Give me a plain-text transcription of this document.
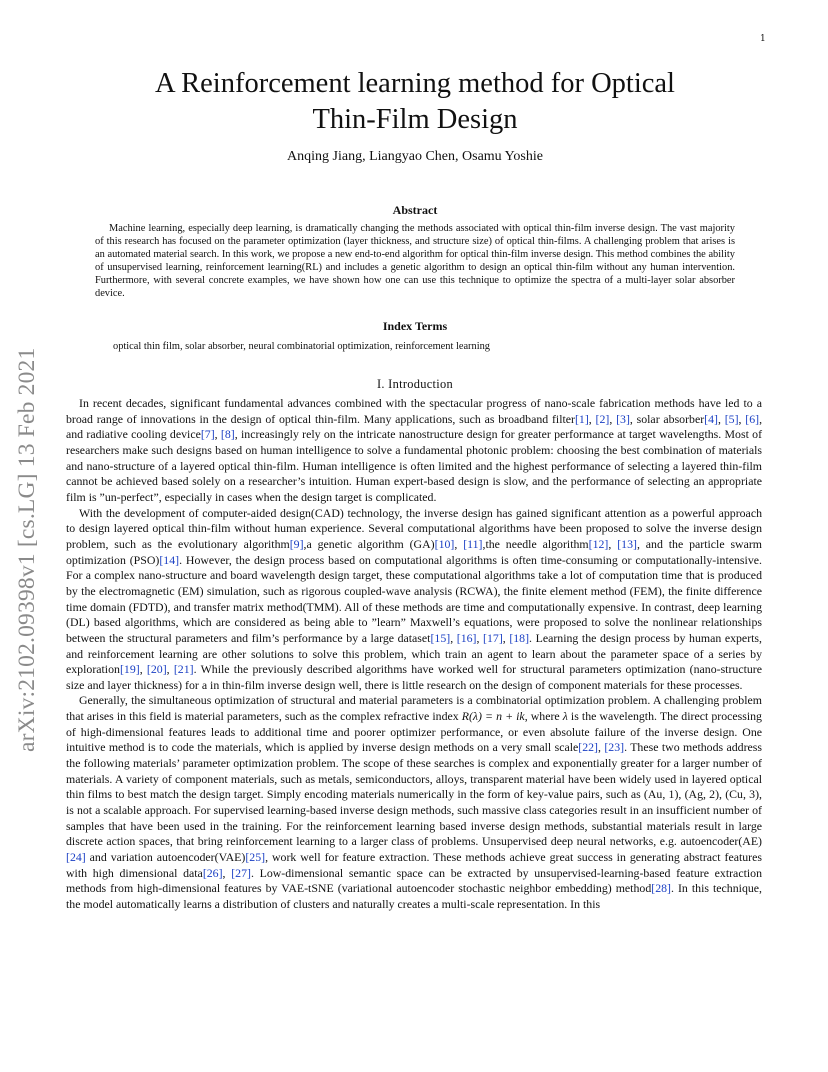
1
arXiv:2102.09398v1 [cs.LG] 13 Feb 2021
A Reinforcement learning method for Optical
Thin-Film Design
Anqing Jiang, Liangyao Chen, Osamu Yoshie
Abstract

Machine learning, especially deep learning, is dramatically changing the methods associated with optical thin-film inverse design. The vast majority of this research has focused on the parameter optimization (layer thickness, and structure size) of optical thin-films. A challenging problem that arises is an automated material search. In this work, we propose a new end-to-end algorithm for optical thin-film inverse design. This method combines the ability of unsupervised learning, reinforcement learning(RL) and includes a genetic algorithm to design an optical thin-film without any human intervention. Furthermore, with several concrete examples, we have shown how one can use this technique to optimize the spectra of a multi-layer solar absorber device.

Index Terms
optical thin film, solar absorber, neural combinatorial optimization, reinforcement learning
I. Introduction

In recent decades, significant fundamental advances combined with the spectacular progress of nano-scale fabrication methods have led to a broad range of innovations in the design of optical thin-film. Many applications, such as broadband filter[1], [2], [3], solar absorber[4], [5], [6], and radiative cooling device[7], [8], increasingly rely on the intricate nanostructure design for greater performance at target wavelengths. Most of researchers make such designs based on human intelligence to solve a fundamental photonic problem: choosing the best combination of materials and nano-structure of a layered optical thin-film. Human intelligence is often limited and the highest performance of selecting a layered thin-film cannot be achieved based solely on a researcher’s intuition. Human expert-based design is slow, and the performance of selecting an appropriate film is ”un-perfect”, especially in cases when the design target is complicated.

With the development of computer-aided design(CAD) technology, the inverse design has gained significant attention as a powerful approach to design layered optical thin-film without human experience. Several computational algorithms have been proposed to solve the inverse design problem, such as the evolutionary algorithm[9],a genetic algorithm (GA)[10], [11],the needle algorithm[12], [13], and the particle swarm optimization (PSO)[14]. However, the design process based on computational algorithms is often time-consuming or computationally-intensive. For a complex nano-structure and board wavelength design target, these computational algorithms take a lot of computation time that is produced by the electromagnetic (EM) simulation, such as rigorous coupled-wave analysis (RCWA), the finite element method (FEM), the finite difference time domain (FDTD), and transfer matrix method(TMM). All of these methods are time and computationally expensive. In contrast, deep learning (DL) based algorithms, which are considered as being able to ”learn” Maxwell’s equations, were proposed to solve the nonlinear relationships between the structural parameters and film’s performance by a large dataset[15], [16], [17], [18]. Learning the design process by human experts, and reinforcement learning are other solutions to solve this problem, which train an agent to learn about the parameter space of a series by exploration[19], [20], [21]. While the previously described algorithms have worked well for structural parameters optimization (nano-structure size and layer thickness) for a in thin-film inverse design well, there is little research on the design of component materials for these processes.

Generally, the simultaneous optimization of structural and material parameters is a combinatorial optimization problem. A challenging problem that arises in this field is material parameters, such as the complex refractive index R(λ) = n + ik, where λ is the wavelength. The direct processing of high-dimensional features leads to additional time and poorer optimizer performance, or even absolute failure of the inverse design. One intuitive method is to code the materials, which is applied by inverse design methods on a very small scale[22], [23]. These two methods address the following materials’ parameter optimization problem. The scope of these searches is complex and exponentially greater for a larger number of materials. A variety of component materials, such as metals, semiconductors, alloys, transparent material have been widely used in layered optical thin films to best match the design target. Simply encoding materials numerically in the form of key-value pairs, such as (Au, 1), (Ag, 2), (Cu, 3), is not a scalable approach. For supervised learning-based inverse design methods, such massive class categories result in an insufficient number of samples that have been used in the training. For the reinforcement learning based inverse design methods, substantial materials result in large discrete action spaces, that bring reinforcement learning to a larger class of problems. Unsupervised deep neural networks, e.g. autoencoder(AE)[24] and variation autoencoder(VAE)[25], work well for feature extraction. These methods achieve great success in generating abstract features with high dimensional data[26], [27]. Low-dimensional semantic space can be extracted by unsupervised-learning-based feature extraction methods from high-dimensional features by VAE-tSNE (variational autoencoder stochastic neighbor embedding) method[28]. In this technique, the model automatically learns a distribution of clusters and naturally creates a multi-scale representation. In this
